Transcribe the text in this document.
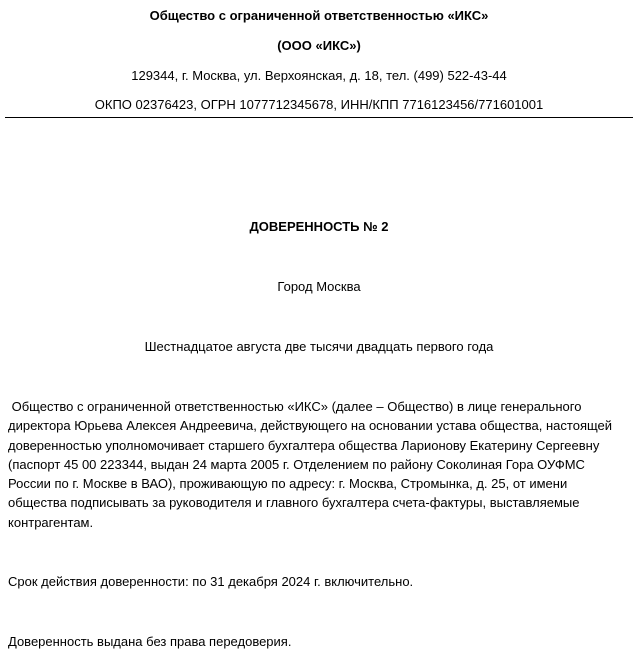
Общество с ограниченной ответственностью «ИКС»
(ООО «ИКС»)
129344, г. Москва, ул. Верхоянская, д. 18, тел. (499) 522-43-44
ОКПО 02376423, ОГРН 1077712345678, ИНН/КПП 7716123456/771601001
ДОВЕРЕННОСТЬ № 2
Город Москва
Шестнадцатое августа две тысячи двадцать первого года
Общество с ограниченной ответственностью «ИКС» (далее – Общество) в лице генерального
директора Юрьева Алексея Андреевича, действующего на основании устава общества, настоящей
доверенностью уполномочивает старшего бухгалтера общества Ларионову Екатерину Сергеевну
(паспорт 45 00 223344, выдан 24 марта 2005 г. Отделением по району Соколиная Гора ОУФМС
России по г. Москве в ВАО), проживающую по адресу: г. Москва, Стромынка, д. 25, от имени
общества подписывать за руководителя и главного бухгалтера счета-фактуры, выставляемые
контрагентам.
Срок действия доверенности: по 31 декабря 2024 г. включительно.
Доверенность выдана без права передоверия.
